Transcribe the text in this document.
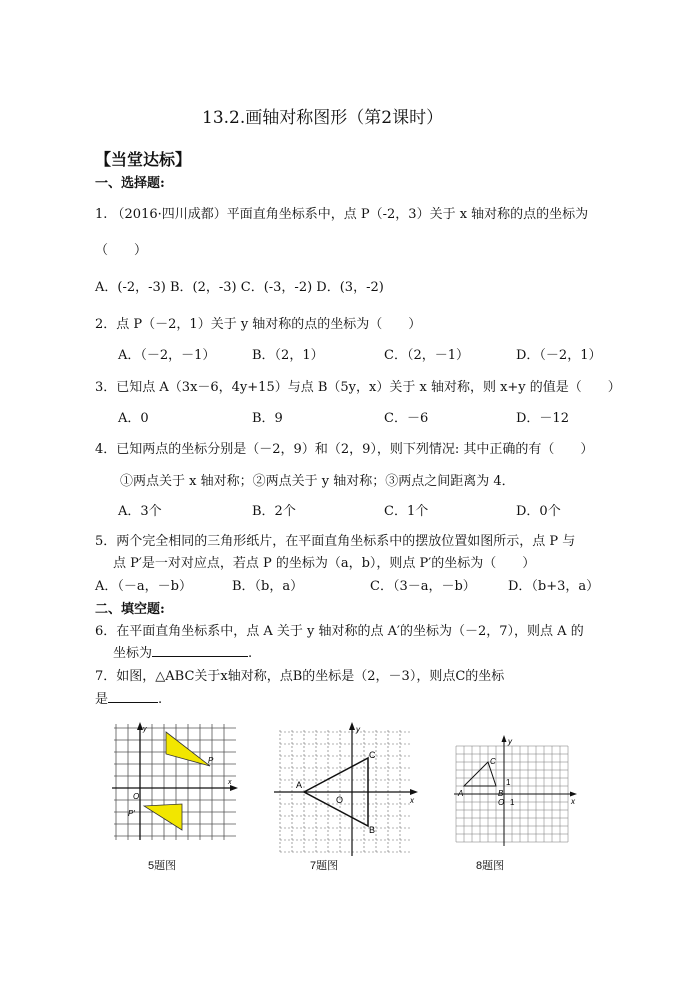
13.2.画轴对称图形（第2课时）
【当堂达标】
一、选择题:
1. （2016·四川成都）平面直角坐标系中，点 P（-2，3）关于 x 轴对称的点的坐标为
（　　）
A．(-2，-3) B．(2，-3) C．(-3，-2) D．(3，-2)
2．点 P（－2，1）关于 y 轴对称的点的坐标为（　　）
A．（－2，－1）	B．（2，1）	C．（2，－1）	D．（－2，1）
3．已知点 A（3x－6，4y+15）与点 B（5y，x）关于 x 轴对称，则 x+y 的值是（　　）
A．0	B．9	C．－6	D．－12
4．已知两点的坐标分别是（－2，9）和（2，9），则下列情况: 其中正确的有（　　）
①两点关于 x 轴对称；②两点关于 y 轴对称；③两点之间距离为 4．
A．3个	B．2个	C．1个	D．0个
5．两个完全相同的三角形纸片，在平面直角坐标系中的摆放位置如图所示，点 P 与
点 P′是一对对应点，若点 P 的坐标为（a，b），则点 P′的坐标为（　　）
A．（－a，－b）	B．（b，a）	C．（3－a，－b） D．（b+3，a）
二、填空题:
6．在平面直角坐标系中，点 A 关于 y 轴对称的点 A′的坐标为（－2，7），则点 A 的
坐标为	.
7．如图，△ABC关于x轴对称，点B的坐标是（2，－3），则点C的坐标
是	.
P
P′
O
x
y
5题图
A
B
C
O	x
y
7题图
A	B
C
O 1
1
x
y
8题图
